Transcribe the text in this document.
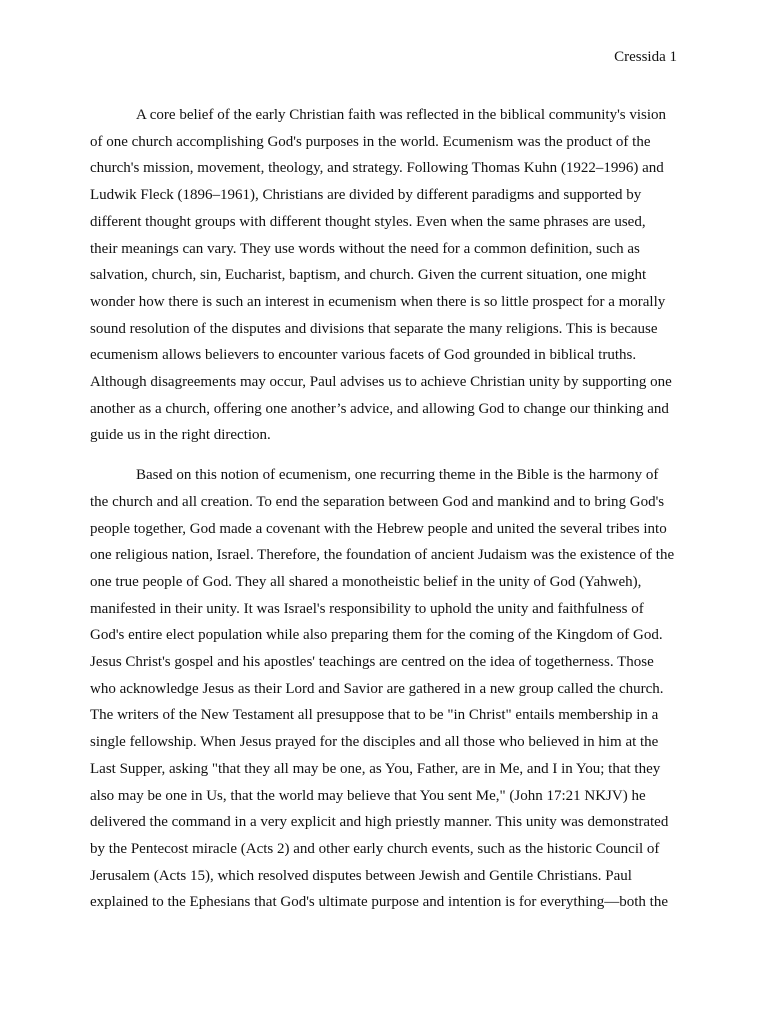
Cressida 1
A core belief of the early Christian faith was reflected in the biblical community's vision
of one church accomplishing God's purposes in the world. Ecumenism was the product of the
church's mission, movement, theology, and strategy. Following Thomas Kuhn (1922–1996) and
Ludwik Fleck (1896–1961), Christians are divided by different paradigms and supported by
different thought groups with different thought styles. Even when the same phrases are used,
their meanings can vary. They use words without the need for a common definition, such as
salvation, church, sin, Eucharist, baptism, and church. Given the current situation, one might
wonder how there is such an interest in ecumenism when there is so little prospect for a morally
sound resolution of the disputes and divisions that separate the many religions. This is because
ecumenism allows believers to encounter various facets of God grounded in biblical truths.
Although disagreements may occur, Paul advises us to achieve Christian unity by supporting one
another as a church, offering one another’s advice, and allowing God to change our thinking and
guide us in the right direction.
Based on this notion of ecumenism, one recurring theme in the Bible is the harmony of
the church and all creation. To end the separation between God and mankind and to bring God's
people together, God made a covenant with the Hebrew people and united the several tribes into
one religious nation, Israel. Therefore, the foundation of ancient Judaism was the existence of the
one true people of God. They all shared a monotheistic belief in the unity of God (Yahweh),
manifested in their unity. It was Israel's responsibility to uphold the unity and faithfulness of
God's entire elect population while also preparing them for the coming of the Kingdom of God.
Jesus Christ's gospel and his apostles' teachings are centred on the idea of togetherness. Those
who acknowledge Jesus as their Lord and Savior are gathered in a new group called the church.
The writers of the New Testament all presuppose that to be "in Christ" entails membership in a
single fellowship. When Jesus prayed for the disciples and all those who believed in him at the
Last Supper, asking "that they all may be one, as You, Father, are in Me, and I in You; that they
also may be one in Us, that the world may believe that You sent Me," (John 17:21 NKJV) he
delivered the command in a very explicit and high priestly manner. This unity was demonstrated
by the Pentecost miracle (Acts 2) and other early church events, such as the historic Council of
Jerusalem (Acts 15), which resolved disputes between Jewish and Gentile Christians. Paul
explained to the Ephesians that God's ultimate purpose and intention is for everything—both the
